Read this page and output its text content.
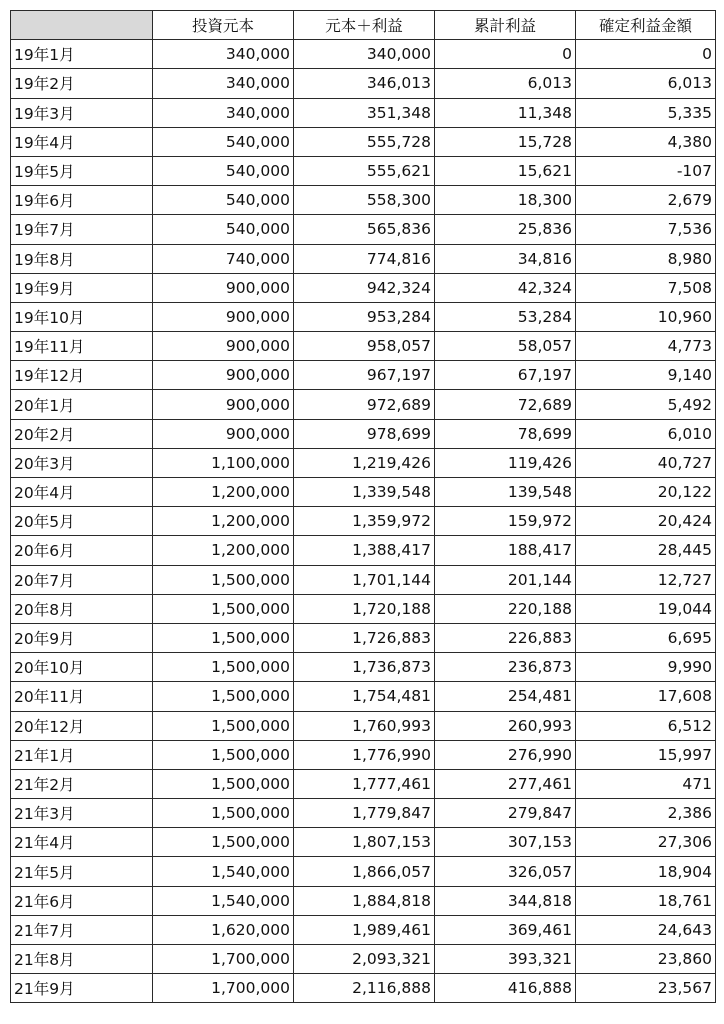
	投資元本	元本＋利益	累計利益	確定利益金額
19年1月	340,000	340,000	0	0
19年2月	340,000	346,013	6,013	6,013
19年3月	340,000	351,348	11,348	5,335
19年4月	540,000	555,728	15,728	4,380
19年5月	540,000	555,621	15,621	-107
19年6月	540,000	558,300	18,300	2,679
19年7月	540,000	565,836	25,836	7,536
19年8月	740,000	774,816	34,816	8,980
19年9月	900,000	942,324	42,324	7,508
19年10月	900,000	953,284	53,284	10,960
19年11月	900,000	958,057	58,057	4,773
19年12月	900,000	967,197	67,197	9,140
20年1月	900,000	972,689	72,689	5,492
20年2月	900,000	978,699	78,699	6,010
20年3月	1,100,000	1,219,426	119,426	40,727
20年4月	1,200,000	1,339,548	139,548	20,122
20年5月	1,200,000	1,359,972	159,972	20,424
20年6月	1,200,000	1,388,417	188,417	28,445
20年7月	1,500,000	1,701,144	201,144	12,727
20年8月	1,500,000	1,720,188	220,188	19,044
20年9月	1,500,000	1,726,883	226,883	6,695
20年10月	1,500,000	1,736,873	236,873	9,990
20年11月	1,500,000	1,754,481	254,481	17,608
20年12月	1,500,000	1,760,993	260,993	6,512
21年1月	1,500,000	1,776,990	276,990	15,997
21年2月	1,500,000	1,777,461	277,461	471
21年3月	1,500,000	1,779,847	279,847	2,386
21年4月	1,500,000	1,807,153	307,153	27,306
21年5月	1,540,000	1,866,057	326,057	18,904
21年6月	1,540,000	1,884,818	344,818	18,761
21年7月	1,620,000	1,989,461	369,461	24,643
21年8月	1,700,000	2,093,321	393,321	23,860
21年9月	1,700,000	2,116,888	416,888	23,567
